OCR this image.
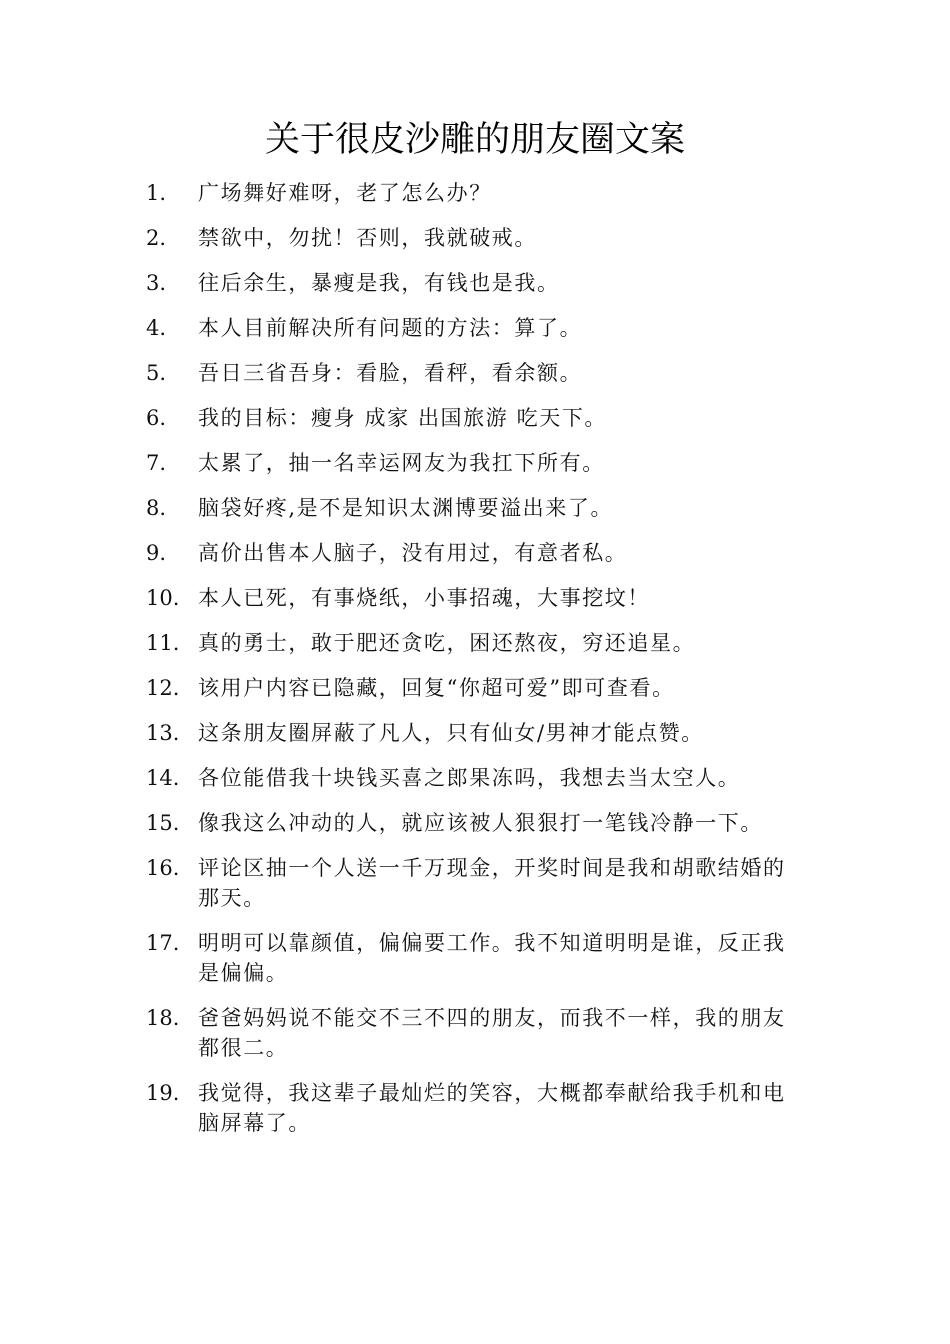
关于很皮沙雕的朋友圈文案
1.	广场舞好难呀，老了怎么办？
2.	禁欲中，勿扰！否则，我就破戒。
3.	往后余生，暴瘦是我，有钱也是我。
4.	本人目前解决所有问题的方法：算了。
5.	吾日三省吾身：看脸，看秤，看余额。
6.	我的目标：瘦身 成家 出国旅游 吃天下。
7.	太累了，抽一名幸运网友为我扛下所有。
8.	脑袋好疼,是不是知识太渊博要溢出来了。
9.	高价出售本人脑子，没有用过，有意者私。
10. 本人已死，有事烧纸，小事招魂，大事挖坟！
11. 真的勇士，敢于肥还贪吃，困还熬夜，穷还追星。
12. 该用户内容已隐藏，回复“你超可爱”即可查看。
13. 这条朋友圈屏蔽了凡人，只有仙女/男神才能点赞。
14. 各位能借我十块钱买喜之郎果冻吗，我想去当太空人。
15. 像我这么冲动的人，就应该被人狠狠打一笔钱冷静一下。
16. 评论区抽一个人送一千万现金，开奖时间是我和胡歌结婚的那天。
17. 明明可以靠颜值，偏偏要工作。我不知道明明是谁，反正我是偏偏。
18. 爸爸妈妈说不能交不三不四的朋友，而我不一样，我的朋友都很二。
19. 我觉得，我这辈子最灿烂的笑容，大概都奉献给我手机和电脑屏幕了。
